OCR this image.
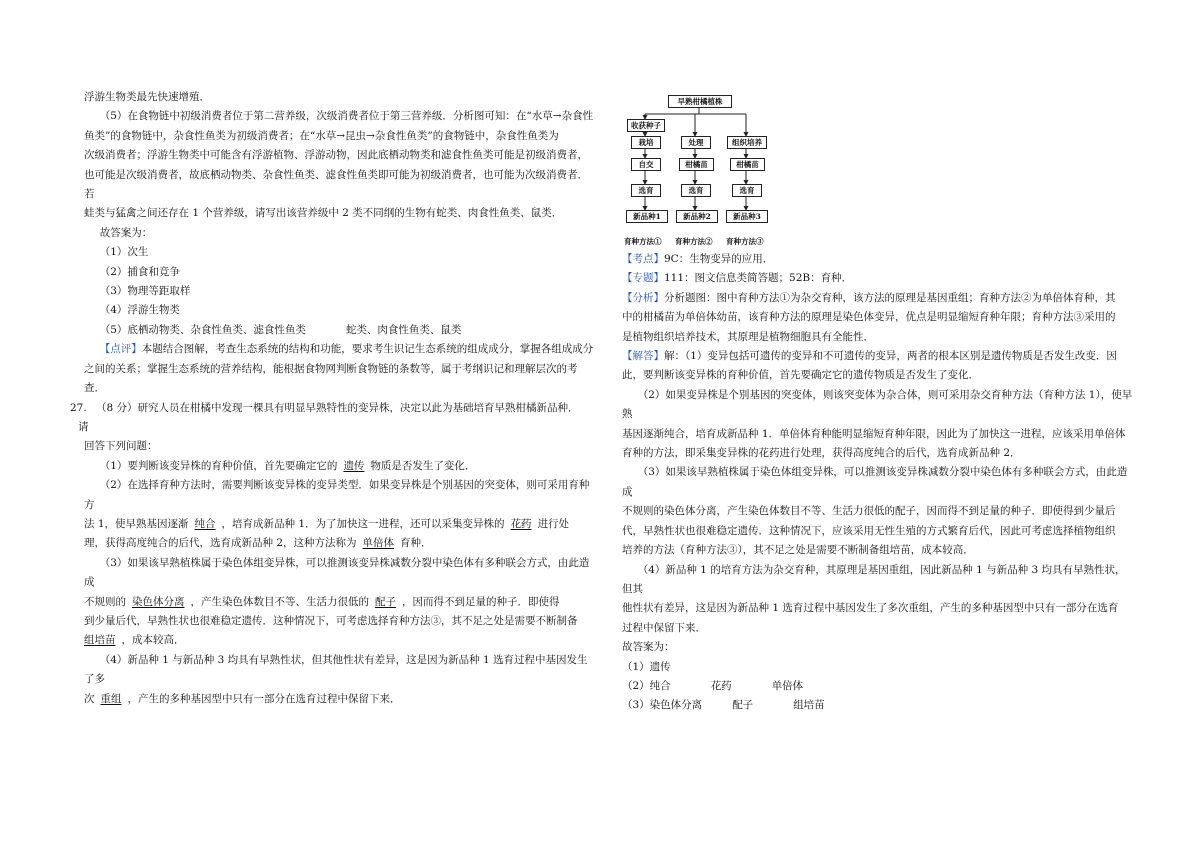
浮游生物类最先快速增殖．

（5）在食物链中初级消费者位于第二营养级，次级消费者位于第三营养级．分析图可知：在“水草→杂食性

鱼类”的食物链中，杂食性鱼类为初级消费者；在“水草→昆虫→杂食性鱼类”的食物链中，杂食性鱼类为

次级消费者；浮游生物类中可能含有浮游植物、浮游动物，因此底栖动物类和滤食性鱼类可能是初级消费者，

也可能是次级消费者，故底栖动物类、杂食性鱼类、滤食性鱼类即可能为初级消费者，也可能为次级消费者．若

蛙类与猛禽之间还存在 1 个营养级，请写出该营养级中 2 类不同纲的生物有蛇类、肉食性鱼类、鼠类．

故答案为：

（1）次生

（2）捕食和竞争

（3）物理等距取样

（4）浮游生物类

（5）底栖动物类、杂食性鱼类、滤食性鱼类	蛇类、肉食性鱼类、鼠类

【点评】本题结合图解，考查生态系统的结构和功能，要求考生识记生态系统的组成成分，掌握各组成成分

之间的关系；掌握生态系统的营养结构，能根据食物网判断食物链的条数等，属于考纲识记和理解层次的考

查．

27. （8 分）研究人员在柑橘中发现一棵具有明显早熟特性的变异株，决定以此为基础培育早熟柑橘新品种．请

回答下列问题：

（1）要判断该变异株的育种价值，首先要确定它的 遗传 物质是否发生了变化．

（2）在选择育种方法时，需要判断该变异株的变异类型．如果变异株是个别基因的突变体，则可采用育种方

法 1，使早熟基因逐渐 纯合 ，培育成新品种 1．为了加快这一进程，还可以采集变异株的 花药 进行处

理，获得高度纯合的后代，选育成新品种 2，这种方法称为 单倍体 育种．

（3）如果该早熟植株属于染色体组变异株，可以推测该变异株减数分裂中染色体有多种联会方式，由此造成

不规则的 染色体分离 ，产生染色体数目不等、生活力很低的 配子 ，因而得不到足量的种子．即使得

到少量后代，早熟性状也很难稳定遗传．这种情况下，可考虑选择育种方法③，其不足之处是需要不断制备

组培苗 ，成本较高．

（4）新品种 1 与新品种 3 均具有早熟性状，但其他性状有差异，这是因为新品种 1 选育过程中基因发生了多

次 重组 ，产生的多种基因型中只有一部分在选育过程中保留下来．

早熟柑橘植株
收获种子
栽培
自交
选育
新品种1
处理
柑橘苗
选育
新品种2
组织培养
柑橘苗
选育
新品种3
育种方法① 育种方法② 育种方法③

【考点】9C：生物变异的应用．

【专题】111：图文信息类简答题；52B：育种．

【分析】分析题图：图中育种方法①为杂交育种，该方法的原理是基因重组；育种方法②为单倍体育种，其

中的柑橘苗为单倍体幼苗，该育种方法的原理是染色体变异，优点是明显缩短育种年限；育种方法③采用的

是植物组织培养技术，其原理是植物细胞具有全能性．

【解答】解：（1）变异包括可遗传的变异和不可遗传的变异，两者的根本区别是遗传物质是否发生改变．因

此，要判断该变异株的育种价值，首先要确定它的遗传物质是否发生了变化．

（2）如果变异株是个别基因的突变体，则该突变体为杂合体，则可采用杂交育种方法（育种方法 1），使早熟

基因逐渐纯合，培育成新品种 1．单倍体育种能明显缩短育种年限，因此为了加快这一进程，应该采用单倍体

育种的方法，即采集变异株的花药进行处理，获得高度纯合的后代，选育成新品种 2．

（3）如果该早熟植株属于染色体组变异株，可以推测该变异株减数分裂中染色体有多种联会方式，由此造成

不规则的染色体分离，产生染色体数目不等、生活力很低的配子，因而得不到足量的种子．即使得到少量后

代，早熟性状也很难稳定遗传．这种情况下，应该采用无性生殖的方式繁育后代，因此可考虑选择植物组织

培养的方法（育种方法③），其不足之处是需要不断制备组培苗，成本较高．

（4）新品种 1 的培育方法为杂交育种，其原理是基因重组，因此新品种 1 与新品种 3 均具有早熟性状，但其

他性状有差异，这是因为新品种 1 选育过程中基因发生了多次重组，产生的多种基因型中只有一部分在选育

过程中保留下来．

故答案为：

（1）遗传

（2）纯合	花药	单倍体

（3）染色体分离	配子	组培苗
